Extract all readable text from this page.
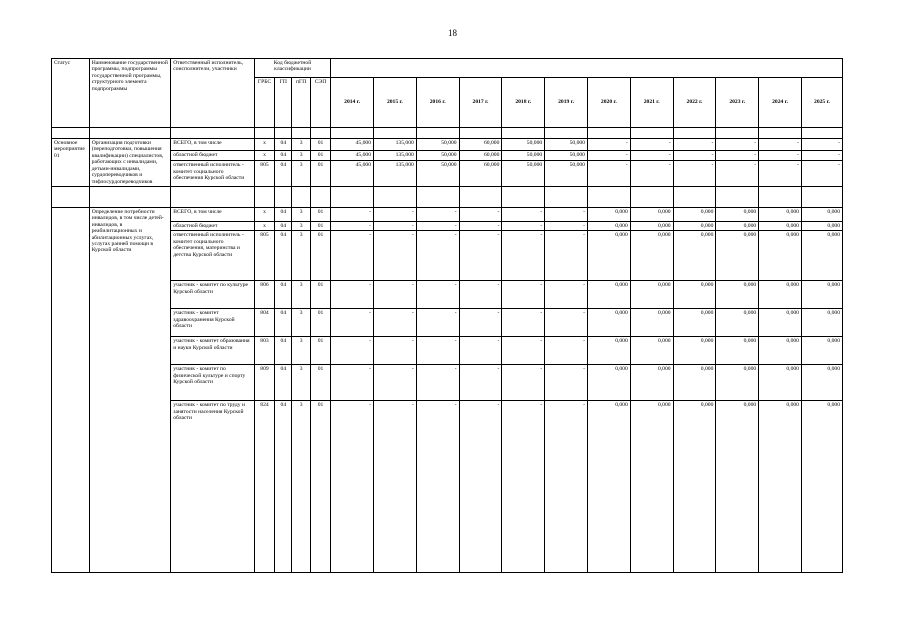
18
Статус	Наименование государственной программы, подпрограммы государственной программы, структурного элемента подпрограммы	Ответственный исполнитель, соисполнители, участники	Код бюджетной классификации															
			ГРБС	ГП	пГП	СЭП	2014 г.	2015 г.	2016 г.	2017 г.	2018 г.	2019 г.	2020 г.	2021 г.	2022 г.	2023 г.	2024 г.	2025 г.

Основное мероприятие 01	Организация подготовки (переподготовки, повышения квалификации) специалистов, работающих с инвалидами, детьми-инвалидами, сурдопереводчиков и тифлосурдопереводчиков	ВСЕГО, в том числе	х	04	3	01	45,000	135,000	50,000	60,000	50,000	50,000	-	-	-	-	-	-
		областной бюджет	х	04	3	01	45,000	135,000	50,000	60,000	50,000	50,000	-	-	-	-	-	-
		ответственный исполнитель - комитет социального обеспечения Курской области	805	04	3	01	45,000	135,000	50,000	60,000	50,000	50,000	-	-	-	-	-	-

	Определение потребности инвалидов, в том числе детей-инвалидов, в реабилитационных и абилитационных услугах, услугах ранней помощи в Курской области	ВСЕГО, в том числе	х	04	3	01	-	-	-	-	-	-	0,000	0,000	0,000	0,000	0,000	0,000
		областной бюджет	х	04	3	01	-	-	-	-	-	-	0,000	0,000	0,000	0,000	0,000	0,000
		ответственный исполнитель - комитет социального обеспечения, материнства и детства Курской области	805	04	3	01	-	-	-	-	-	-	0,000	0,000	0,000	0,000	0,000	0,000
		участник - комитет по культуре Курской области	806	04	3	01	-	-	-	-	-	-	0,000	0,000	0,000	0,000	0,000	0,000
		участник - комитет здравоохранения Курской области	804	04	3	01	-	-	-	-	-	-	0,000	0,000	0,000	0,000	0,000	0,000
		участник - комитет образования и науки Курской области	803	04	3	01	-	-	-	-	-	-	0,000	0,000	0,000	0,000	0,000	0,000
		участник - комитет по физической культуре и спорту Курской области	809	04	3	01	-	-	-	-	-	-	0,000	0,000	0,000	0,000	0,000	0,000
		участник - комитет по труду и занятости населения Курской области	824	04	3	01	-	-	-	-	-	-	0,000	0,000	0,000	0,000	0,000	0,000
